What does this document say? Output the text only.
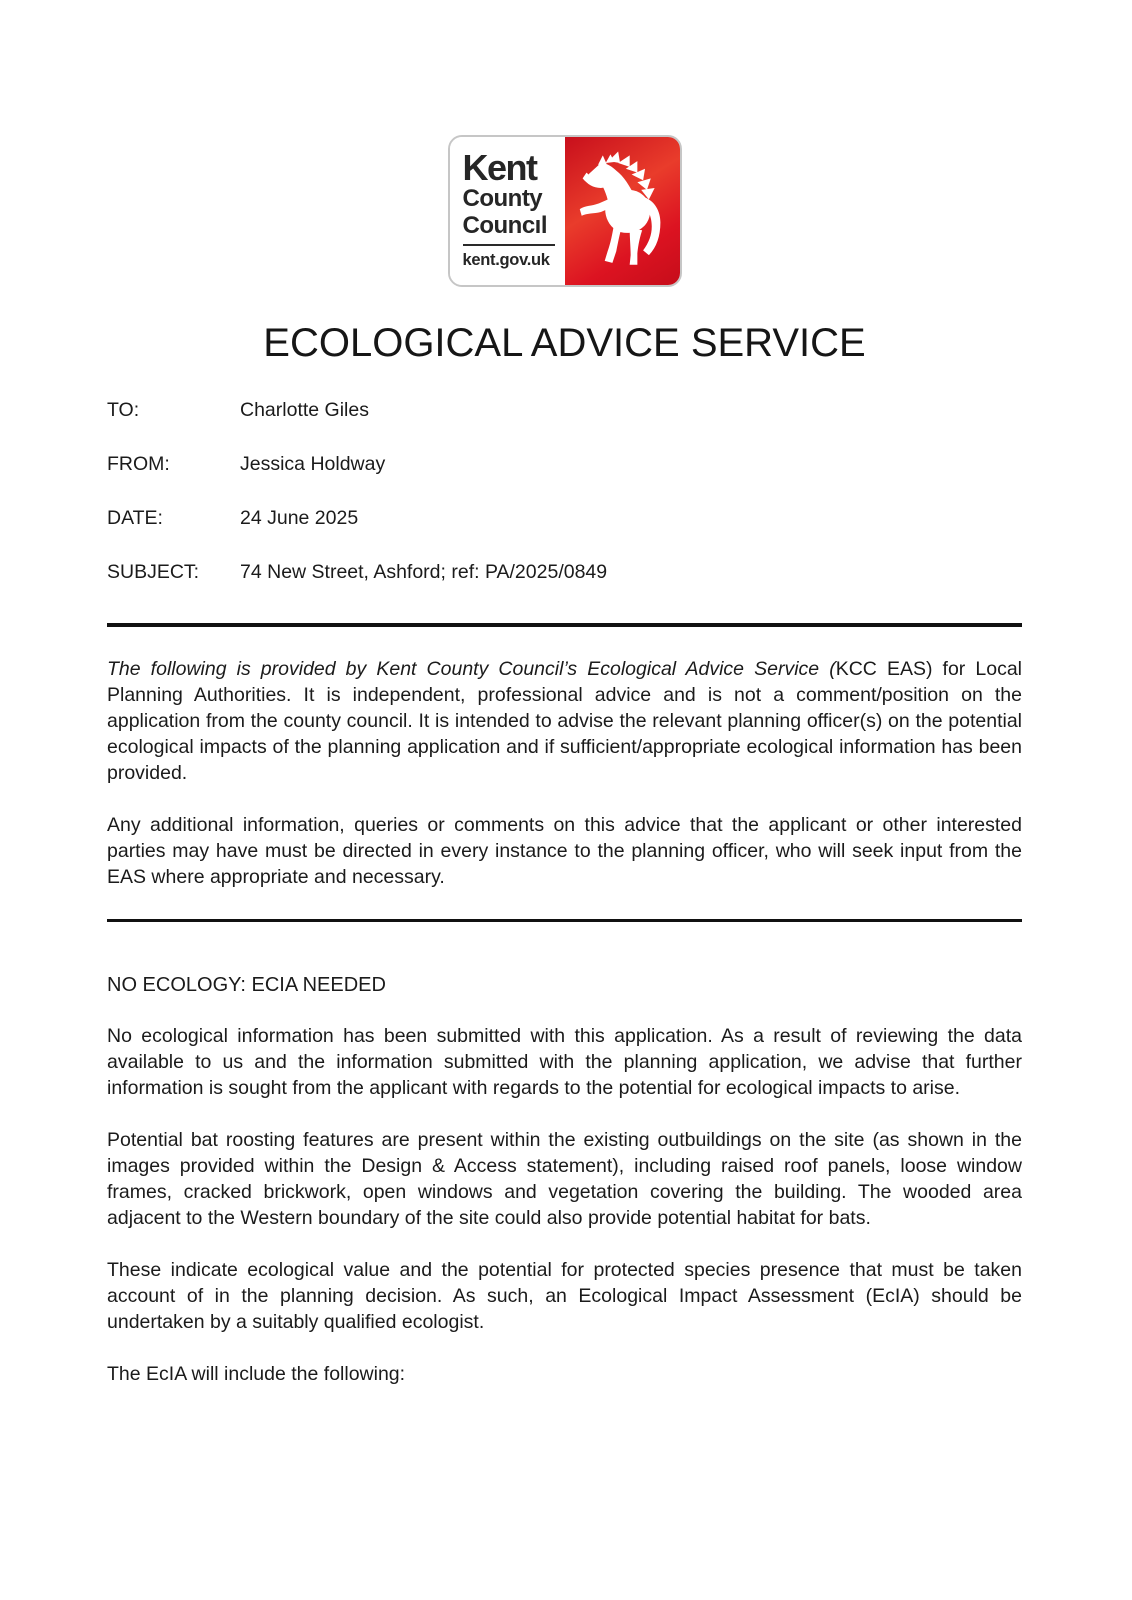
Kent
County
Councıl
kent.gov.uk
ECOLOGICAL ADVICE SERVICE
TO:	Charlotte Giles
FROM:	Jessica Holdway
DATE:	24 June 2025
SUBJECT:	74 New Street, Ashford; ref: PA/2025/0849

The following is provided by Kent County Council’s Ecological Advice Service (KCC EAS) for Local Planning Authorities. It is independent, professional advice and is not a comment/position on the application from the county council. It is intended to advise the relevant planning officer(s) on the potential ecological impacts of the planning application and if sufficient/appropriate ecological information has been provided.

Any additional information, queries or comments on this advice that the applicant or other interested parties may have must be directed in every instance to the planning officer, who will seek input from the EAS where appropriate and necessary.

NO ECOLOGY: ECIA NEEDED

No ecological information has been submitted with this application. As a result of reviewing the data available to us and the information submitted with the planning application, we advise that further information is sought from the applicant with regards to the potential for ecological impacts to arise.

Potential bat roosting features are present within the existing outbuildings on the site (as shown in the images provided within the Design & Access statement), including raised roof panels, loose window frames, cracked brickwork, open windows and vegetation covering the building. The wooded area adjacent to the Western boundary of the site could also provide potential habitat for bats.

These indicate ecological value and the potential for protected species presence that must be taken account of in the planning decision. As such, an Ecological Impact Assessment (EcIA) should be undertaken by a suitably qualified ecologist.

The EcIA will include the following:
